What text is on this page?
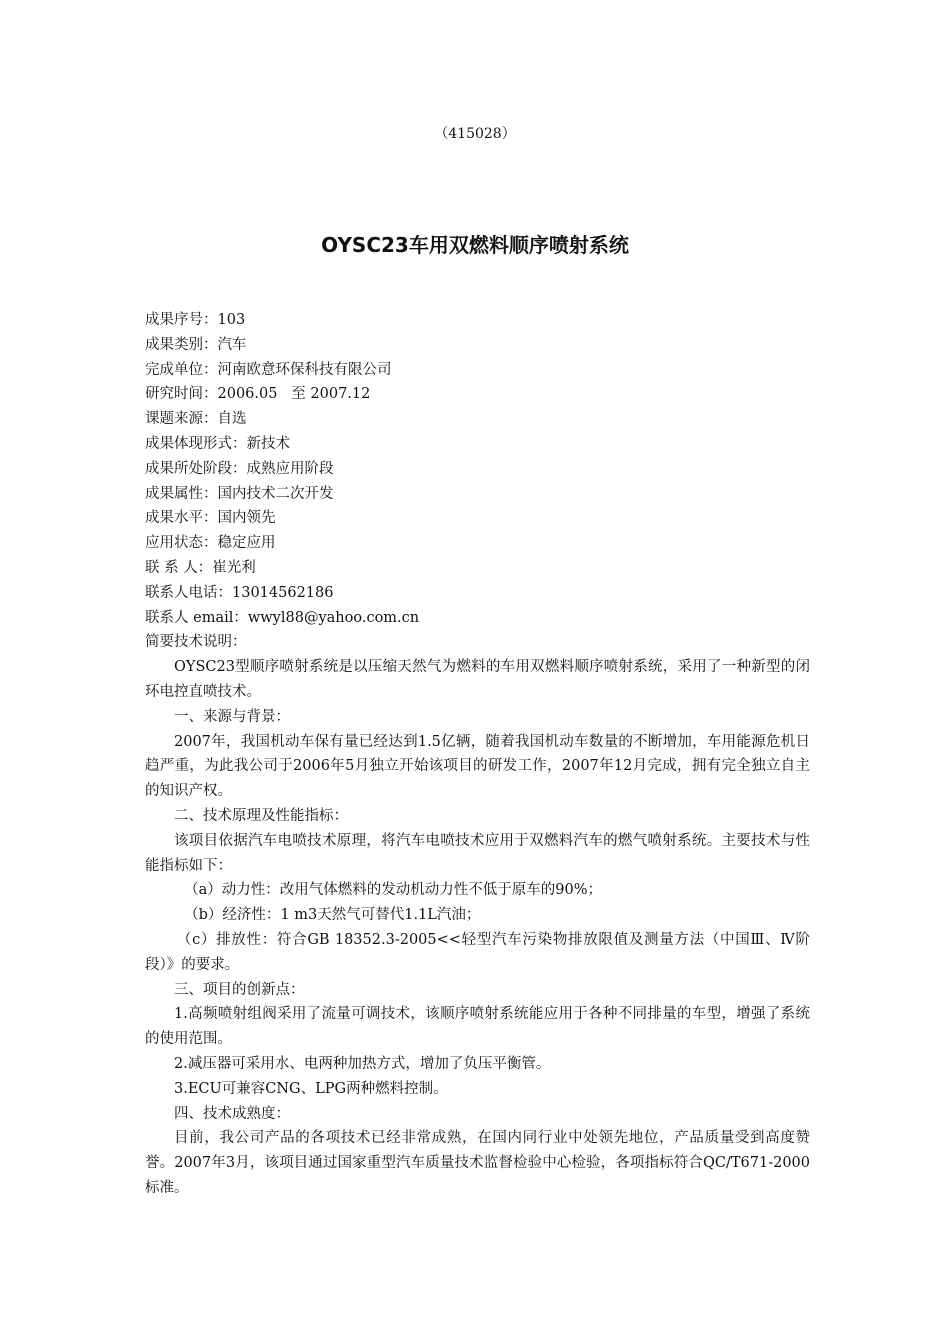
（415028）
OYSC23车用双燃料顺序喷射系统

成果序号：103

成果类别：汽车

完成单位：河南欧意环保科技有限公司

研究时间：2006.05   至 2007.12

课题来源：自选

成果体现形式：新技术

成果所处阶段：成熟应用阶段

成果属性：国内技术二次开发

成果水平：国内领先

应用状态：稳定应用

联 系 人：崔光利

联系人电话：13014562186

联系人 email：wwyl88@yahoo.com.cn

简要技术说明：

OYSC23型顺序喷射系统是以压缩天然气为燃料的车用双燃料顺序喷射系统，采用了一种新型的闭环电控直喷技术。

一、来源与背景：

2007年，我国机动车保有量已经达到1.5亿辆，随着我国机动车数量的不断增加，车用能源危机日趋严重，为此我公司于2006年5月独立开始该项目的研发工作，2007年12月完成，拥有完全独立自主的知识产权。

二、技术原理及性能指标：

该项目依据汽车电喷技术原理，将汽车电喷技术应用于双燃料汽车的燃气喷射系统。主要技术与性能指标如下：

（a）动力性：改用气体燃料的发动机动力性不低于原车的90%；

（b）经济性：1 m3天然气可替代1.1L汽油；

（c）排放性：符合GB 18352.3-2005<<轻型汽车污染物排放限值及测量方法（中国Ⅲ、Ⅳ阶段）》的要求。

三、项目的创新点：

1.高频喷射组阀采用了流量可调技术，该顺序喷射系统能应用于各种不同排量的车型，增强了系统的使用范围。

2.减压器可采用水、电两种加热方式，增加了负压平衡管。

3.ECU可兼容CNG、LPG两种燃料控制。

四、技术成熟度：

目前，我公司产品的各项技术已经非常成熟，在国内同行业中处领先地位，产品质量受到高度赞誉。2007年3月，该项目通过国家重型汽车质量技术监督检验中心检验，各项指标符合QC/T671-2000标准。
